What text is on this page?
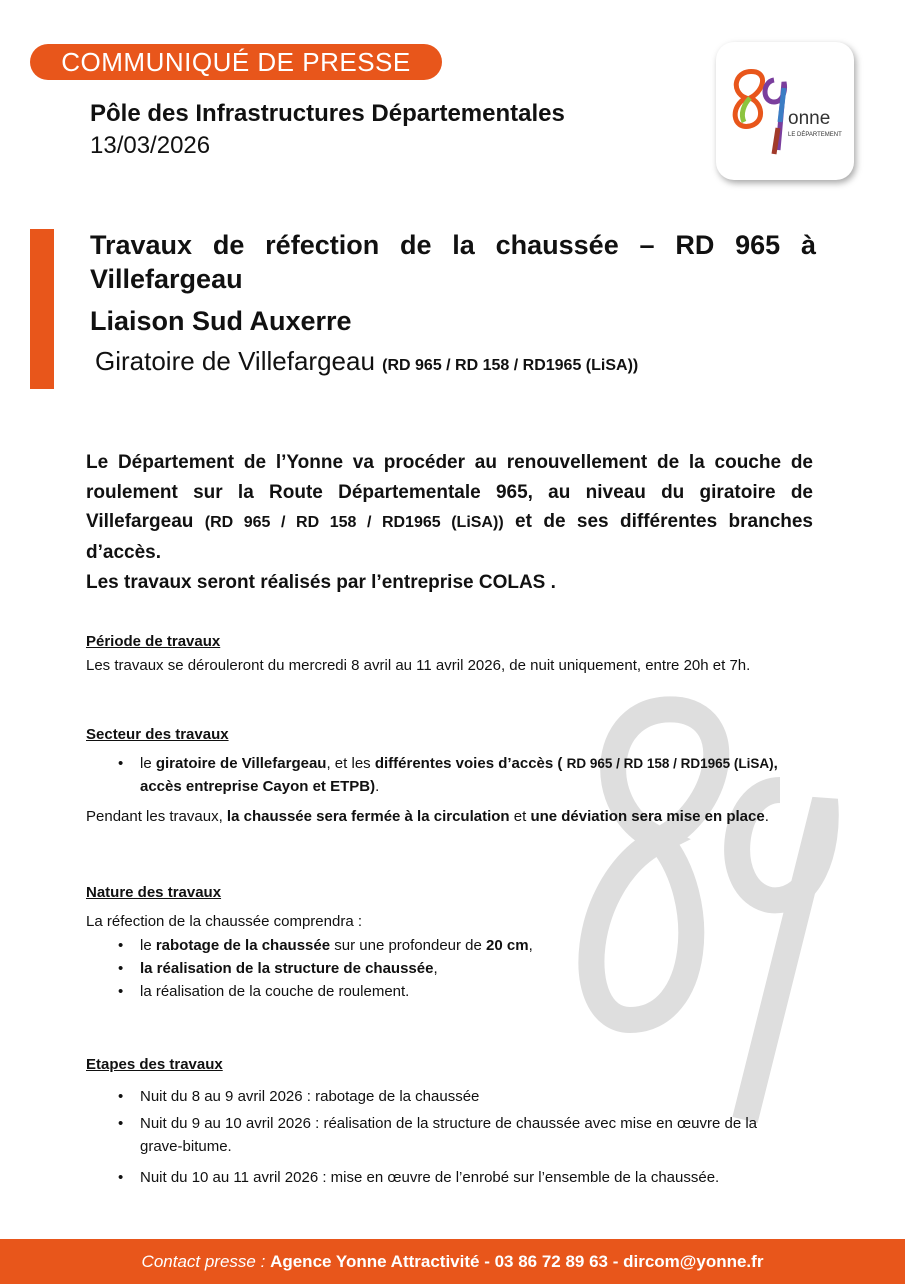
COMMUNIQUÉ DE PRESSE
onne
LE DÉPARTEMENT
Pôle des Infrastructures Départementales
13/03/2026
Travaux de réfection de la chaussée – RD 965 à Villefargeau
Liaison Sud Auxerre
Giratoire de Villefargeau (RD 965 / RD 158 / RD1965 (LiSA))
Le Département de l’Yonne va procéder au renouvellement de la couche de roulement sur la Route Départementale 965, au niveau du giratoire de Villefargeau (RD 965 / RD 158 / RD1965 (LiSA)) et de ses différentes branches d’accès.
Les travaux seront réalisés par l’entreprise COLAS .
Période de travaux
Les travaux se dérouleront du mercredi 8 avril au 11 avril 2026, de nuit uniquement, entre 20h et 7h.
Secteur des travaux
• le giratoire de Villefargeau, et les différentes voies d’accès ( RD 965 / RD 158 / RD1965 (LiSA), accès entreprise Cayon et ETPB).
Pendant les travaux, la chaussée sera fermée à la circulation et une déviation sera mise en place.
Nature des travaux
La réfection de la chaussée comprendra :
• le rabotage de la chaussée sur une profondeur de 20 cm,
• la réalisation de la structure de chaussée,
• la réalisation de la couche de roulement.
Etapes des travaux
• Nuit du 8 au 9 avril 2026 : rabotage de la chaussée
• Nuit du 9 au 10 avril 2026 : réalisation de la structure de chaussée avec mise en œuvre de la grave-bitume.
• Nuit du 10 au 11 avril 2026 : mise en œuvre de l’enrobé sur l’ensemble de la chaussée.
Contact presse : Agence Yonne Attractivité - 03 86 72 89 63 - dircom@yonne.fr
